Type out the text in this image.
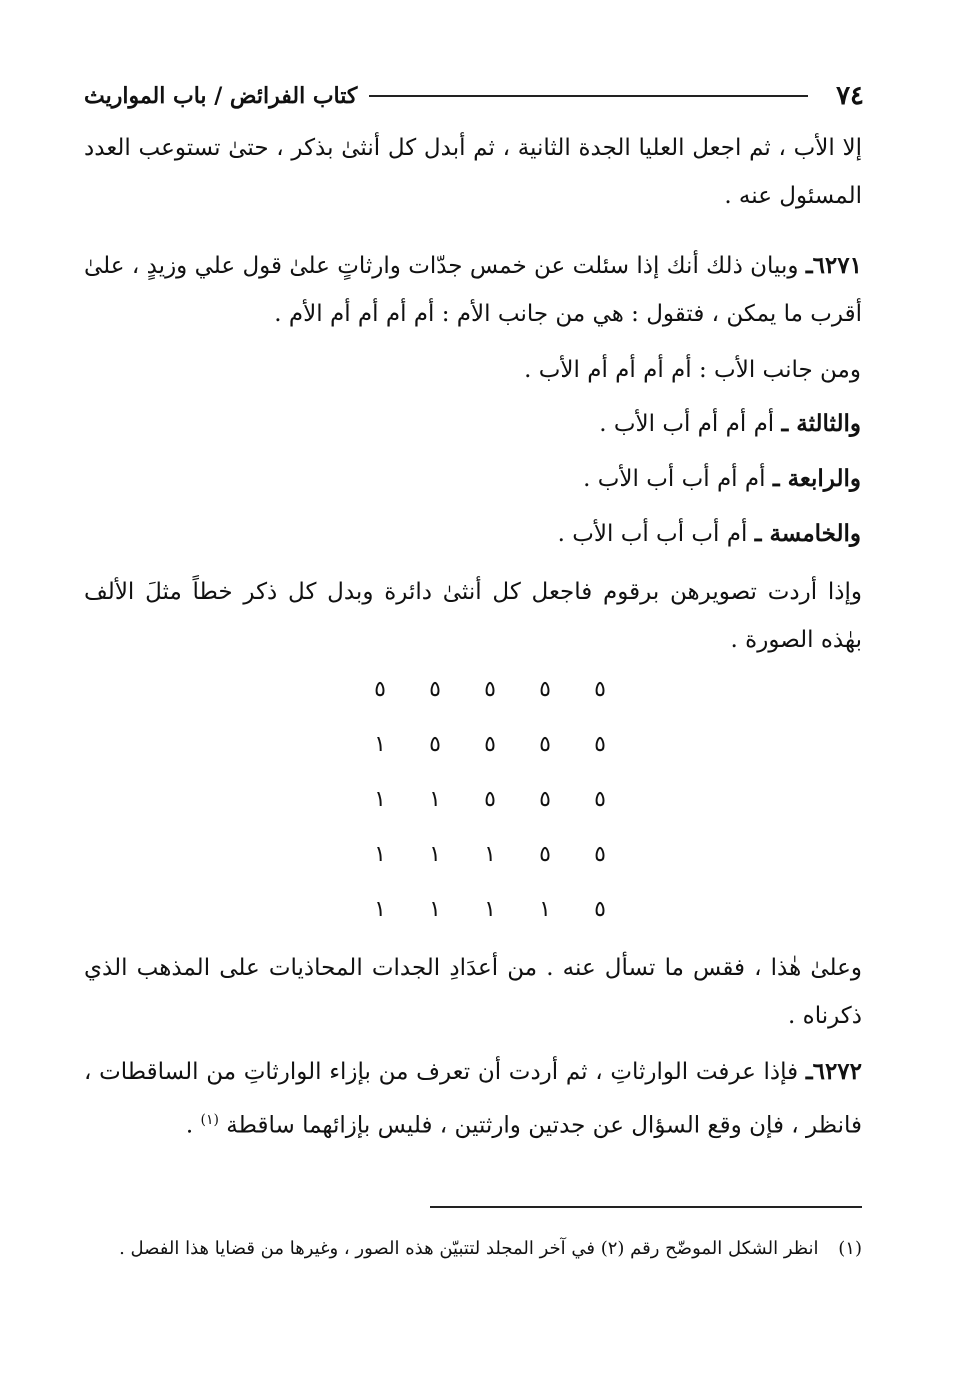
٧٤
كتاب الفرائض / باب المواريث
إلا الأب ، ثم اجعل العليا الجدة الثانية ، ثم أبدل كل أنثىٰ بذكر ، حتىٰ تستوعب العدد المسئول عنه .
٦٢٧١ـ وبيان ذلك أنك إذا سئلت عن خمس جدّات وارثاتٍ علىٰ قول علي وزيدٍ ، علىٰ أقرب ما يمكن ، فتقول : هي من جانب الأم : أم أم أم أم الأم .
ومن جانب الأب : أم أم أم أم الأب .
والثالثة ـ أم أم أم أب الأب .
والرابعة ـ أم أم أب أب الأب .
والخامسة ـ أم أب أب أب الأب .
وإذا أردت تصويرهن برقوم فاجعل كل أنثىٰ دائرة وبدل كل ذكر خطاً مثلَ الألف بهٰذه الصورة .
٥
٥
٥
٥
٥
٥
٥
٥
٥
١
٥
٥
٥
١
١
٥
٥
١
١
١
٥
١
١
١
١
وعلىٰ هٰذا ، فقس ما تسأل عنه . من أعدَادِ الجدات المحاذيات على المذهب الذي ذكرناه .
٦٢٧٢ـ فإذا عرفت الوارثاتِ ، ثم أردت أن تعرف من بإزاء الوارثاتِ من الساقطات ، فانظر ، فإن وقع السؤال عن جدتين وارثتين ، فليس بإزائهما ساقطة $^{(١)}$ .
(١) انظر الشكل الموضّح رقم (٢) في آخر المجلد لتتبيّن هذه الصور ، وغيرها من قضايا هذا الفصل .
